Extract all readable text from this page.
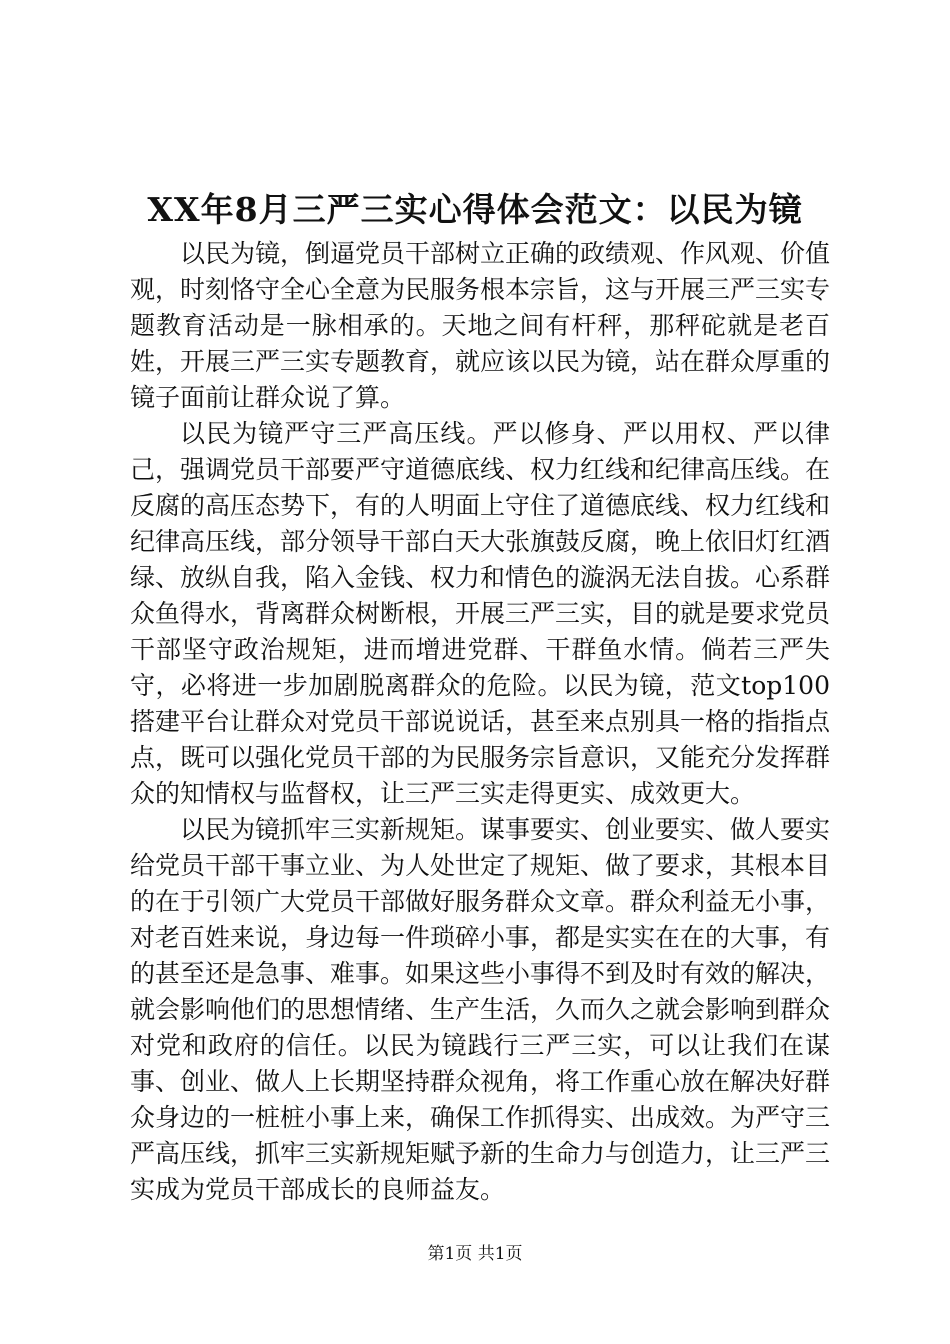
XX年8月三严三实心得体会范文：以民为镜

以民为镜，倒逼党员干部树立正确的政绩观、作风观、价值观，时刻恪守全心全意为民服务根本宗旨，这与开展三严三实专题教育活动是一脉相承的。天地之间有杆秤，那秤砣就是老百姓，开展三严三实专题教育，就应该以民为镜，站在群众厚重的镜子面前让群众说了算。

以民为镜严守三严高压线。严以修身、严以用权、严以律己，强调党员干部要严守道德底线、权力红线和纪律高压线。在反腐的高压态势下，有的人明面上守住了道德底线、权力红线和纪律高压线，部分领导干部白天大张旗鼓反腐，晚上依旧灯红酒绿、放纵自我，陷入金钱、权力和情色的漩涡无法自拔。心系群众鱼得水，背离群众树断根，开展三严三实，目的就是要求党员干部坚守政治规矩，进而增进党群、干群鱼水情。倘若三严失守，必将进一步加剧脱离群众的危险。以民为镜，范文top100搭建平台让群众对党员干部说说话，甚至来点别具一格的指指点点，既可以强化党员干部的为民服务宗旨意识，又能充分发挥群众的知情权与监督权，让三严三实走得更实、成效更大。

以民为镜抓牢三实新规矩。谋事要实、创业要实、做人要实给党员干部干事立业、为人处世定了规矩、做了要求，其根本目的在于引领广大党员干部做好服务群众文章。群众利益无小事，对老百姓来说，身边每一件琐碎小事，都是实实在在的大事，有的甚至还是急事、难事。如果这些小事得不到及时有效的解决，就会影响他们的思想情绪、生产生活，久而久之就会影响到群众对党和政府的信任。以民为镜践行三严三实，可以让我们在谋事、创业、做人上长期坚持群众视角，将工作重心放在解决好群众身边的一桩桩小事上来，确保工作抓得实、出成效。为严守三严高压线，抓牢三实新规矩赋予新的生命力与创造力，让三严三实成为党员干部成长的良师益友。

第1页 共1页
